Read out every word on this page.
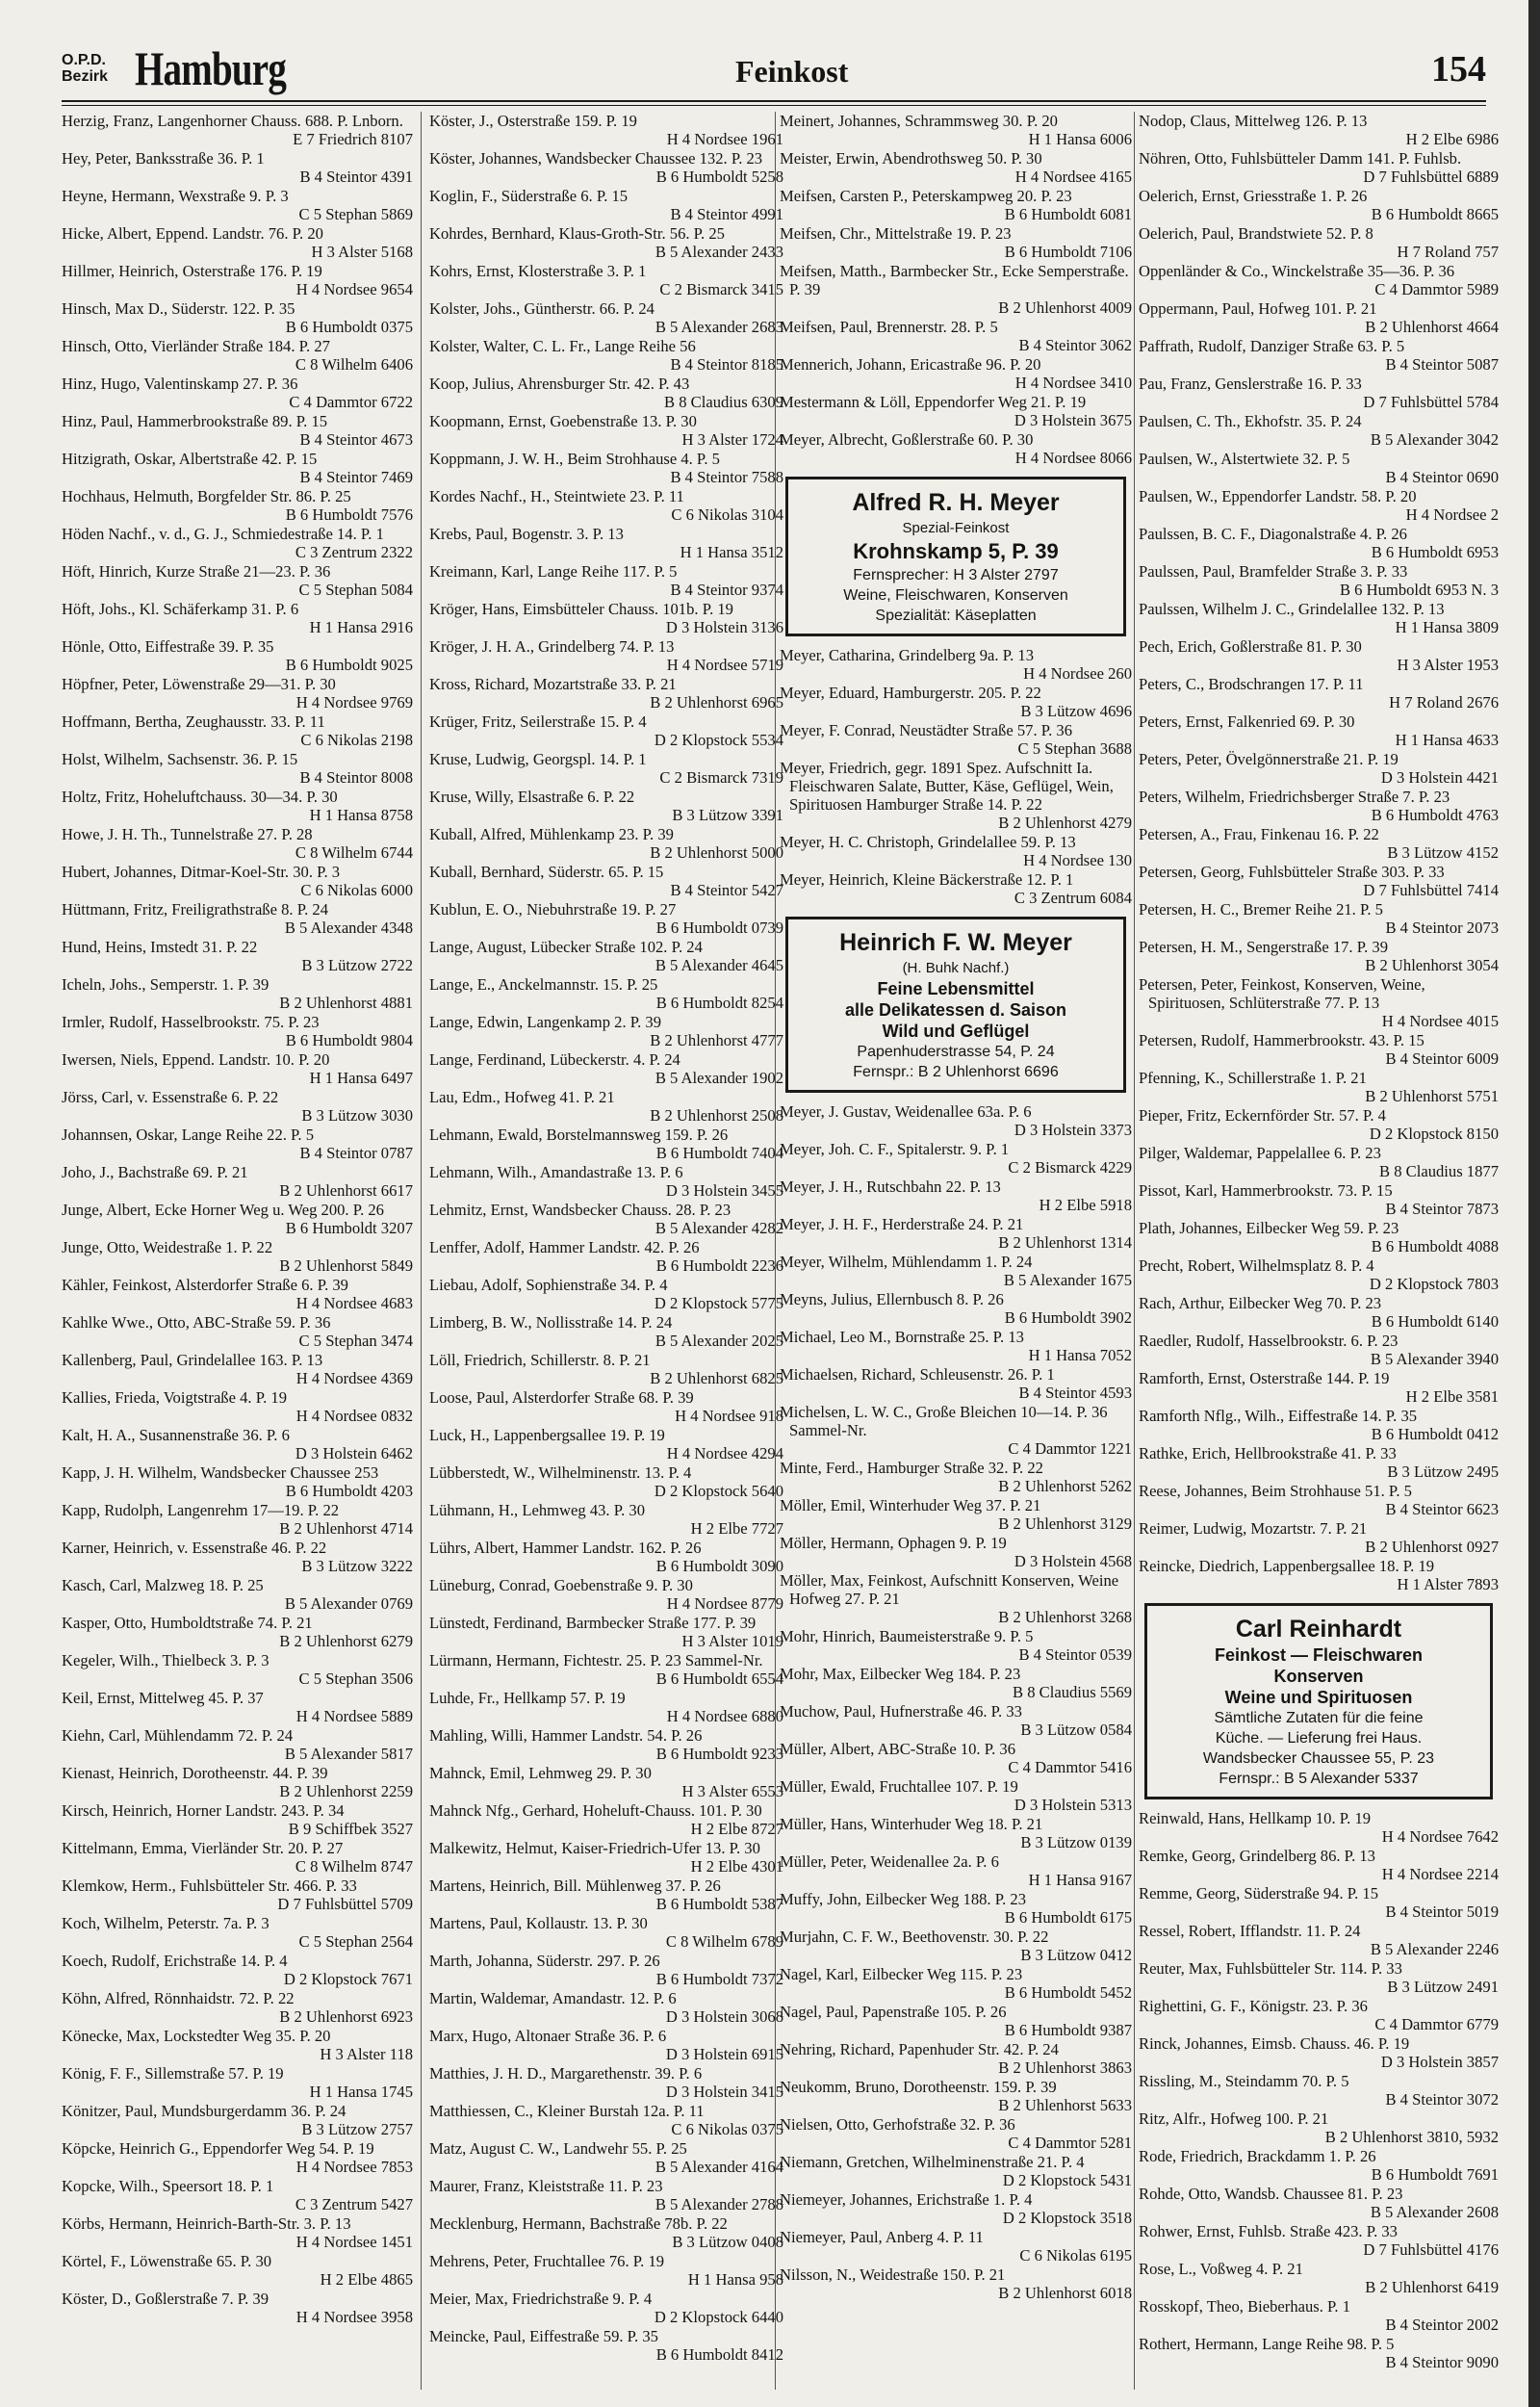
O.P.D.
Bezirk Hamburg	Feinkost	154
Herzig, Franz, Langenhorner Chauss. 688. P. Lnborn.
E 7 Friedrich 8107
Hey, Peter, Banksstraße 36. P. 1
B 4 Steintor 4391
Heyne, Hermann, Wexstraße 9. P. 3
C 5 Stephan 5869
Hicke, Albert, Eppend. Landstr. 76. P. 20
H 3 Alster 5168
Hillmer, Heinrich, Osterstraße 176. P. 19
H 4 Nordsee 9654
Hinsch, Max D., Süderstr. 122. P. 35
B 6 Humboldt 0375
Hinsch, Otto, Vierländer Straße 184. P. 27
C 8 Wilhelm 6406
Hinz, Hugo, Valentinskamp 27. P. 36
C 4 Dammtor 6722
Hinz, Paul, Hammerbrookstraße 89. P. 15
B 4 Steintor 4673
Hitzigrath, Oskar, Albertstraße 42. P. 15
B 4 Steintor 7469
Hochhaus, Helmuth, Borgfelder Str. 86. P. 25
B 6 Humboldt 7576
Höden Nachf., v. d., G. J., Schmiedestraße 14. P. 1
C 3 Zentrum 2322
Höft, Hinrich, Kurze Straße 21—23. P. 36
C 5 Stephan 5084
Höft, Johs., Kl. Schäferkamp 31. P. 6
H 1 Hansa 2916
Hönle, Otto, Eiffestraße 39. P. 35
B 6 Humboldt 9025
Höpfner, Peter, Löwenstraße 29—31. P. 30
H 4 Nordsee 9769
Hoffmann, Bertha, Zeughausstr. 33. P. 11
C 6 Nikolas 2198
Holst, Wilhelm, Sachsenstr. 36. P. 15
B 4 Steintor 8008
Holtz, Fritz, Hoheluftchauss. 30—34. P. 30
H 1 Hansa 8758
Howe, J. H. Th., Tunnelstraße 27. P. 28
C 8 Wilhelm 6744
Hubert, Johannes, Ditmar-Koel-Str. 30. P. 3
C 6 Nikolas 6000
Hüttmann, Fritz, Freiligrathstraße 8. P. 24
B 5 Alexander 4348
Hund, Heins, Imstedt 31. P. 22
B 3 Lützow 2722
Icheln, Johs., Semperstr. 1. P. 39
B 2 Uhlenhorst 4881
Irmler, Rudolf, Hasselbrookstr. 75. P. 23
B 6 Humboldt 9804
Iwersen, Niels, Eppend. Landstr. 10. P. 20
H 1 Hansa 6497
Jörss, Carl, v. Essenstraße 6. P. 22
B 3 Lützow 3030
Johannsen, Oskar, Lange Reihe 22. P. 5
B 4 Steintor 0787
Joho, J., Bachstraße 69. P. 21
B 2 Uhlenhorst 6617
Junge, Albert, Ecke Horner Weg u. Weg 200. P. 26
B 6 Humboldt 3207
Junge, Otto, Weidestraße 1. P. 22
B 2 Uhlenhorst 5849
Kähler, Feinkost, Alsterdorfer Straße 6. P. 39
H 4 Nordsee 4683
Kahlke Wwe., Otto, ABC-Straße 59. P. 36
C 5 Stephan 3474
Kallenberg, Paul, Grindelallee 163. P. 13
H 4 Nordsee 4369
Kallies, Frieda, Voigtstraße 4. P. 19
H 4 Nordsee 0832
Kalt, H. A., Susannenstraße 36. P. 6
D 3 Holstein 6462
Kapp, J. H. Wilhelm, Wandsbecker Chaussee 253
B 6 Humboldt 4203
Kapp, Rudolph, Langenrehm 17—19. P. 22
B 2 Uhlenhorst 4714
Karner, Heinrich, v. Essenstraße 46. P. 22
B 3 Lützow 3222
Kasch, Carl, Malzweg 18. P. 25
B 5 Alexander 0769
Kasper, Otto, Humboldtstraße 74. P. 21
B 2 Uhlenhorst 6279
Kegeler, Wilh., Thielbeck 3. P. 3
C 5 Stephan 3506
Keil, Ernst, Mittelweg 45. P. 37
H 4 Nordsee 5889
Kiehn, Carl, Mühlendamm 72. P. 24
B 5 Alexander 5817
Kienast, Heinrich, Dorotheenstr. 44. P. 39
B 2 Uhlenhorst 2259
Kirsch, Heinrich, Horner Landstr. 243. P. 34
B 9 Schiffbek 3527
Kittelmann, Emma, Vierländer Str. 20. P. 27
C 8 Wilhelm 8747
Klemkow, Herm., Fuhlsbütteler Str. 466. P. 33
D 7 Fuhlsbüttel 5709
Koch, Wilhelm, Peterstr. 7a. P. 3
C 5 Stephan 2564
Koech, Rudolf, Erichstraße 14. P. 4
D 2 Klopstock 7671
Köhn, Alfred, Rönnhaidstr. 72. P. 22
B 2 Uhlenhorst 6923
Könecke, Max, Lockstedter Weg 35. P. 20
H 3 Alster 118
König, F. F., Sillemstraße 57. P. 19
H 1 Hansa 1745
Könitzer, Paul, Mundsburgerdamm 36. P. 24
B 3 Lützow 2757
Köpcke, Heinrich G., Eppendorfer Weg 54. P. 19
H 4 Nordsee 7853
Kopcke, Wilh., Speersort 18. P. 1
C 3 Zentrum 5427
Körbs, Hermann, Heinrich-Barth-Str. 3. P. 13
H 4 Nordsee 1451
Körtel, F., Löwenstraße 65. P. 30
H 2 Elbe 4865
Köster, D., Goßlerstraße 7. P. 39
H 4 Nordsee 3958
Köster, J., Osterstraße 159. P. 19
H 4 Nordsee 1961
Köster, Johannes, Wandsbecker Chaussee 132. P. 23
B 6 Humboldt 5258
Koglin, F., Süderstraße 6. P. 15
B 4 Steintor 4991
Kohrdes, Bernhard, Klaus-Groth-Str. 56. P. 25
B 5 Alexander 2433
Kohrs, Ernst, Klosterstraße 3. P. 1
C 2 Bismarck 3415
Kolster, Johs., Güntherstr. 66. P. 24
B 5 Alexander 2683
Kolster, Walter, C. L. Fr., Lange Reihe 56
B 4 Steintor 8185
Koop, Julius, Ahrensburger Str. 42. P. 43
B 8 Claudius 6309
Koopmann, Ernst, Goebenstraße 13. P. 30
H 3 Alster 1724
Koppmann, J. W. H., Beim Strohhause 4. P. 5
B 4 Steintor 7588
Kordes Nachf., H., Steintwiete 23. P. 11
C 6 Nikolas 3104
Krebs, Paul, Bogenstr. 3. P. 13
H 1 Hansa 3512
Kreimann, Karl, Lange Reihe 117. P. 5
B 4 Steintor 9374
Kröger, Hans, Eimsbütteler Chauss. 101b. P. 19
D 3 Holstein 3136
Kröger, J. H. A., Grindelberg 74. P. 13
H 4 Nordsee 5719
Kross, Richard, Mozartstraße 33. P. 21
B 2 Uhlenhorst 6965
Krüger, Fritz, Seilerstraße 15. P. 4
D 2 Klopstock 5534
Kruse, Ludwig, Georgspl. 14. P. 1
C 2 Bismarck 7319
Kruse, Willy, Elsastraße 6. P. 22
B 3 Lützow 3391
Kuball, Alfred, Mühlenkamp 23. P. 39
B 2 Uhlenhorst 5000
Kuball, Bernhard, Süderstr. 65. P. 15
B 4 Steintor 5427
Kublun, E. O., Niebuhrstraße 19. P. 27
B 6 Humboldt 0739
Lange, August, Lübecker Straße 102. P. 24
B 5 Alexander 4645
Lange, E., Anckelmannstr. 15. P. 25
B 6 Humboldt 8254
Lange, Edwin, Langenkamp 2. P. 39
B 2 Uhlenhorst 4777
Lange, Ferdinand, Lübeckerstr. 4. P. 24
B 5 Alexander 1902
Lau, Edm., Hofweg 41. P. 21
B 2 Uhlenhorst 2508
Lehmann, Ewald, Borstelmannsweg 159. P. 26
B 6 Humboldt 7404
Lehmann, Wilh., Amandastraße 13. P. 6
D 3 Holstein 3455
Lehmitz, Ernst, Wandsbecker Chauss. 28. P. 23
B 5 Alexander 4282
Lenffer, Adolf, Hammer Landstr. 42. P. 26
B 6 Humboldt 2236
Liebau, Adolf, Sophienstraße 34. P. 4
D 2 Klopstock 5775
Limberg, B. W., Nollisstraße 14. P. 24
B 5 Alexander 2025
Löll, Friedrich, Schillerstr. 8. P. 21
B 2 Uhlenhorst 6825
Loose, Paul, Alsterdorfer Straße 68. P. 39
H 4 Nordsee 918
Luck, H., Lappenbergsallee 19. P. 19
H 4 Nordsee 4294
Lübberstedt, W., Wilhelminenstr. 13. P. 4
D 2 Klopstock 5640
Lühmann, H., Lehmweg 43. P. 30
H 2 Elbe 7727
Lührs, Albert, Hammer Landstr. 162. P. 26
B 6 Humboldt 3090
Lüneburg, Conrad, Goebenstraße 9. P. 30
H 4 Nordsee 8779
Lünstedt, Ferdinand, Barmbecker Straße 177. P. 39
H 3 Alster 1019
Lürmann, Hermann, Fichtestr. 25. P. 23 Sammel-Nr.
B 6 Humboldt 6554
Luhde, Fr., Hellkamp 57. P. 19
H 4 Nordsee 6880
Mahling, Willi, Hammer Landstr. 54. P. 26
B 6 Humboldt 9233
Mahnck, Emil, Lehmweg 29. P. 30
H 3 Alster 6553
Mahnck Nfg., Gerhard, Hoheluft-Chauss. 101. P. 30
H 2 Elbe 8727
Malkewitz, Helmut, Kaiser-Friedrich-Ufer 13. P. 30
H 2 Elbe 4301
Martens, Heinrich, Bill. Mühlenweg 37. P. 26
B 6 Humboldt 5387
Martens, Paul, Kollaustr. 13. P. 30
C 8 Wilhelm 6789
Marth, Johanna, Süderstr. 297. P. 26
B 6 Humboldt 7372
Martin, Waldemar, Amandastr. 12. P. 6
D 3 Holstein 3068
Marx, Hugo, Altonaer Straße 36. P. 6
D 3 Holstein 6915
Matthies, J. H. D., Margarethenstr. 39. P. 6
D 3 Holstein 3415
Matthiessen, C., Kleiner Burstah 12a. P. 11
C 6 Nikolas 0375
Matz, August C. W., Landwehr 55. P. 25
B 5 Alexander 4164
Maurer, Franz, Kleiststraße 11. P. 23
B 5 Alexander 2788
Mecklenburg, Hermann, Bachstraße 78b. P. 22
B 3 Lützow 0408
Mehrens, Peter, Fruchtallee 76. P. 19
H 1 Hansa 958
Meier, Max, Friedrichstraße 9. P. 4
D 2 Klopstock 6440
Meincke, Paul, Eiffestraße 59. P. 35
B 6 Humboldt 8412
Meinert, Johannes, Schrammsweg 30. P. 20
H 1 Hansa 6006
Meister, Erwin, Abendrothsweg 50. P. 30
H 4 Nordsee 4165
Meifsen, Carsten P., Peterskampweg 20. P. 23
B 6 Humboldt 6081
Meifsen, Chr., Mittelstraße 19. P. 23
B 6 Humboldt 7106
Meifsen, Matth., Barmbecker Str., Ecke Semperstraße. P. 39
B 2 Uhlenhorst 4009
Meifsen, Paul, Brennerstr. 28. P. 5
B 4 Steintor 3062
Mennerich, Johann, Ericastraße 96. P. 20
H 4 Nordsee 3410
Mestermann & Löll, Eppendorfer Weg 21. P. 19
D 3 Holstein 3675
Meyer, Albrecht, Goßlerstraße 60. P. 30
H 4 Nordsee 8066
Alfred R. H. Meyer
Spezial-Feinkost
Krohnskamp 5, P. 39
Fernsprecher: H 3 Alster 2797
Weine, Fleischwaren, Konserven
Spezialität: Käseplatten
Meyer, Catharina, Grindelberg 9a. P. 13
H 4 Nordsee 260
Meyer, Eduard, Hamburgerstr. 205. P. 22
B 3 Lützow 4696
Meyer, F. Conrad, Neustädter Straße 57. P. 36
C 5 Stephan 3688
Meyer, Friedrich, gegr. 1891 Spez. Aufschnitt Ia. Fleischwaren Salate, Butter, Käse, Geflügel, Wein, Spirituosen Hamburger Straße 14. P. 22
B 2 Uhlenhorst 4279
Meyer, H. C. Christoph, Grindelallee 59. P. 13
H 4 Nordsee 130
Meyer, Heinrich, Kleine Bäckerstraße 12. P. 1
C 3 Zentrum 6084
Heinrich F. W. Meyer
(H. Buhk Nachf.)
Feine Lebensmittel
alle Delikatessen d. Saison
Wild und Geflügel
Papenhuderstrasse 54, P. 24
Fernspr.: B 2 Uhlenhorst 6696
Meyer, J. Gustav, Weidenallee 63a. P. 6
D 3 Holstein 3373
Meyer, Joh. C. F., Spitalerstr. 9. P. 1
C 2 Bismarck 4229
Meyer, J. H., Rutschbahn 22. P. 13
H 2 Elbe 5918
Meyer, J. H. F., Herderstraße 24. P. 21
B 2 Uhlenhorst 1314
Meyer, Wilhelm, Mühlendamm 1. P. 24
B 5 Alexander 1675
Meyns, Julius, Ellernbusch 8. P. 26
B 6 Humboldt 3902
Michael, Leo M., Bornstraße 25. P. 13
H 1 Hansa 7052
Michaelsen, Richard, Schleusenstr. 26. P. 1
B 4 Steintor 4593
Michelsen, L. W. C., Große Bleichen 10—14. P. 36 Sammel-Nr.
C 4 Dammtor 1221
Minte, Ferd., Hamburger Straße 32. P. 22
B 2 Uhlenhorst 5262
Möller, Emil, Winterhuder Weg 37. P. 21
B 2 Uhlenhorst 3129
Möller, Hermann, Ophagen 9. P. 19
D 3 Holstein 4568
Möller, Max, Feinkost, Aufschnitt Konserven, Weine Hofweg 27. P. 21
B 2 Uhlenhorst 3268
Mohr, Hinrich, Baumeisterstraße 9. P. 5
B 4 Steintor 0539
Mohr, Max, Eilbecker Weg 184. P. 23
B 8 Claudius 5569
Muchow, Paul, Hufnerstraße 46. P. 33
B 3 Lützow 0584
Müller, Albert, ABC-Straße 10. P. 36
C 4 Dammtor 5416
Müller, Ewald, Fruchtallee 107. P. 19
D 3 Holstein 5313
Müller, Hans, Winterhuder Weg 18. P. 21
B 3 Lützow 0139
Müller, Peter, Weidenallee 2a. P. 6
H 1 Hansa 9167
Muffy, John, Eilbecker Weg 188. P. 23
B 6 Humboldt 6175
Murjahn, C. F. W., Beethovenstr. 30. P. 22
B 3 Lützow 0412
Nagel, Karl, Eilbecker Weg 115. P. 23
B 6 Humboldt 5452
Nagel, Paul, Papenstraße 105. P. 26
B 6 Humboldt 9387
Nehring, Richard, Papenhuder Str. 42. P. 24
B 2 Uhlenhorst 3863
Neukomm, Bruno, Dorotheenstr. 159. P. 39
B 2 Uhlenhorst 5633
Nielsen, Otto, Gerhofstraße 32. P. 36
C 4 Dammtor 5281
Niemann, Gretchen, Wilhelminenstraße 21. P. 4
D 2 Klopstock 5431
Niemeyer, Johannes, Erichstraße 1. P. 4
D 2 Klopstock 3518
Niemeyer, Paul, Anberg 4. P. 11
C 6 Nikolas 6195
Nilsson, N., Weidestraße 150. P. 21
B 2 Uhlenhorst 6018
Nodop, Claus, Mittelweg 126. P. 13
H 2 Elbe 6986
Nöhren, Otto, Fuhlsbütteler Damm 141. P. Fuhlsb.
D 7 Fuhlsbüttel 6889
Oelerich, Ernst, Griesstraße 1. P. 26
B 6 Humboldt 8665
Oelerich, Paul, Brandstwiete 52. P. 8
H 7 Roland 757
Oppenländer & Co., Winckelstraße 35—36. P. 36
C 4 Dammtor 5989
Oppermann, Paul, Hofweg 101. P. 21
B 2 Uhlenhorst 4664
Paffrath, Rudolf, Danziger Straße 63. P. 5
B 4 Steintor 5087
Pau, Franz, Genslerstraße 16. P. 33
D 7 Fuhlsbüttel 5784
Paulsen, C. Th., Ekhofstr. 35. P. 24
B 5 Alexander 3042
Paulsen, W., Alstertwiete 32. P. 5
B 4 Steintor 0690
Paulsen, W., Eppendorfer Landstr. 58. P. 20
H 4 Nordsee 2
Paulssen, B. C. F., Diagonalstraße 4. P. 26
B 6 Humboldt 6953
Paulssen, Paul, Bramfelder Straße 3. P. 33
B 6 Humboldt 6953 N. 3
Paulssen, Wilhelm J. C., Grindelallee 132. P. 13
H 1 Hansa 3809
Pech, Erich, Goßlerstraße 81. P. 30
H 3 Alster 1953
Peters, C., Brodschrangen 17. P. 11
H 7 Roland 2676
Peters, Ernst, Falkenried 69. P. 30
H 1 Hansa 4633
Peters, Peter, Övelgönnerstraße 21. P. 19
D 3 Holstein 4421
Peters, Wilhelm, Friedrichsberger Straße 7. P. 23
B 6 Humboldt 4763
Petersen, A., Frau, Finkenau 16. P. 22
B 3 Lützow 4152
Petersen, Georg, Fuhlsbütteler Straße 303. P. 33
D 7 Fuhlsbüttel 7414
Petersen, H. C., Bremer Reihe 21. P. 5
B 4 Steintor 2073
Petersen, H. M., Sengerstraße 17. P. 39
B 2 Uhlenhorst 3054
Petersen, Peter, Feinkost, Konserven, Weine, Spirituosen, Schlüterstraße 77. P. 13
H 4 Nordsee 4015
Petersen, Rudolf, Hammerbrookstr. 43. P. 15
B 4 Steintor 6009
Pfenning, K., Schillerstraße 1. P. 21
B 2 Uhlenhorst 5751
Pieper, Fritz, Eckernförder Str. 57. P. 4
D 2 Klopstock 8150
Pilger, Waldemar, Pappelallee 6. P. 23
B 8 Claudius 1877
Pissot, Karl, Hammerbrookstr. 73. P. 15
B 4 Steintor 7873
Plath, Johannes, Eilbecker Weg 59. P. 23
B 6 Humboldt 4088
Precht, Robert, Wilhelmsplatz 8. P. 4
D 2 Klopstock 7803
Rach, Arthur, Eilbecker Weg 70. P. 23
B 6 Humboldt 6140
Raedler, Rudolf, Hasselbrookstr. 6. P. 23
B 5 Alexander 3940
Ramforth, Ernst, Osterstraße 144. P. 19
H 2 Elbe 3581
Ramforth Nflg., Wilh., Eiffestraße 14. P. 35
B 6 Humboldt 0412
Rathke, Erich, Hellbrookstraße 41. P. 33
B 3 Lützow 2495
Reese, Johannes, Beim Strohhause 51. P. 5
B 4 Steintor 6623
Reimer, Ludwig, Mozartstr. 7. P. 21
B 2 Uhlenhorst 0927
Reincke, Diedrich, Lappenbergsallee 18. P. 19
H 1 Alster 7893
Carl Reinhardt
Feinkost — Fleischwaren
Konserven
Weine und Spirituosen
Sämtliche Zutaten für die feine
Küche. — Lieferung frei Haus.
Wandsbecker Chaussee 55, P. 23
Fernspr.: B 5 Alexander 5337
Reinwald, Hans, Hellkamp 10. P. 19
H 4 Nordsee 7642
Remke, Georg, Grindelberg 86. P. 13
H 4 Nordsee 2214
Remme, Georg, Süderstraße 94. P. 15
B 4 Steintor 5019
Ressel, Robert, Ifflandstr. 11. P. 24
B 5 Alexander 2246
Reuter, Max, Fuhlsbütteler Str. 114. P. 33
B 3 Lützow 2491
Righettini, G. F., Königstr. 23. P. 36
C 4 Dammtor 6779
Rinck, Johannes, Eimsb. Chauss. 46. P. 19
D 3 Holstein 3857
Rissling, M., Steindamm 70. P. 5
B 4 Steintor 3072
Ritz, Alfr., Hofweg 100. P. 21
B 2 Uhlenhorst 3810, 5932
Rode, Friedrich, Brackdamm 1. P. 26
B 6 Humboldt 7691
Rohde, Otto, Wandsb. Chaussee 81. P. 23
B 5 Alexander 2608
Rohwer, Ernst, Fuhlsb. Straße 423. P. 33
D 7 Fuhlsbüttel 4176
Rose, L., Voßweg 4. P. 21
B 2 Uhlenhorst 6419
Rosskopf, Theo, Bieberhaus. P. 1
B 4 Steintor 2002
Rothert, Hermann, Lange Reihe 98. P. 5
B 4 Steintor 9090
